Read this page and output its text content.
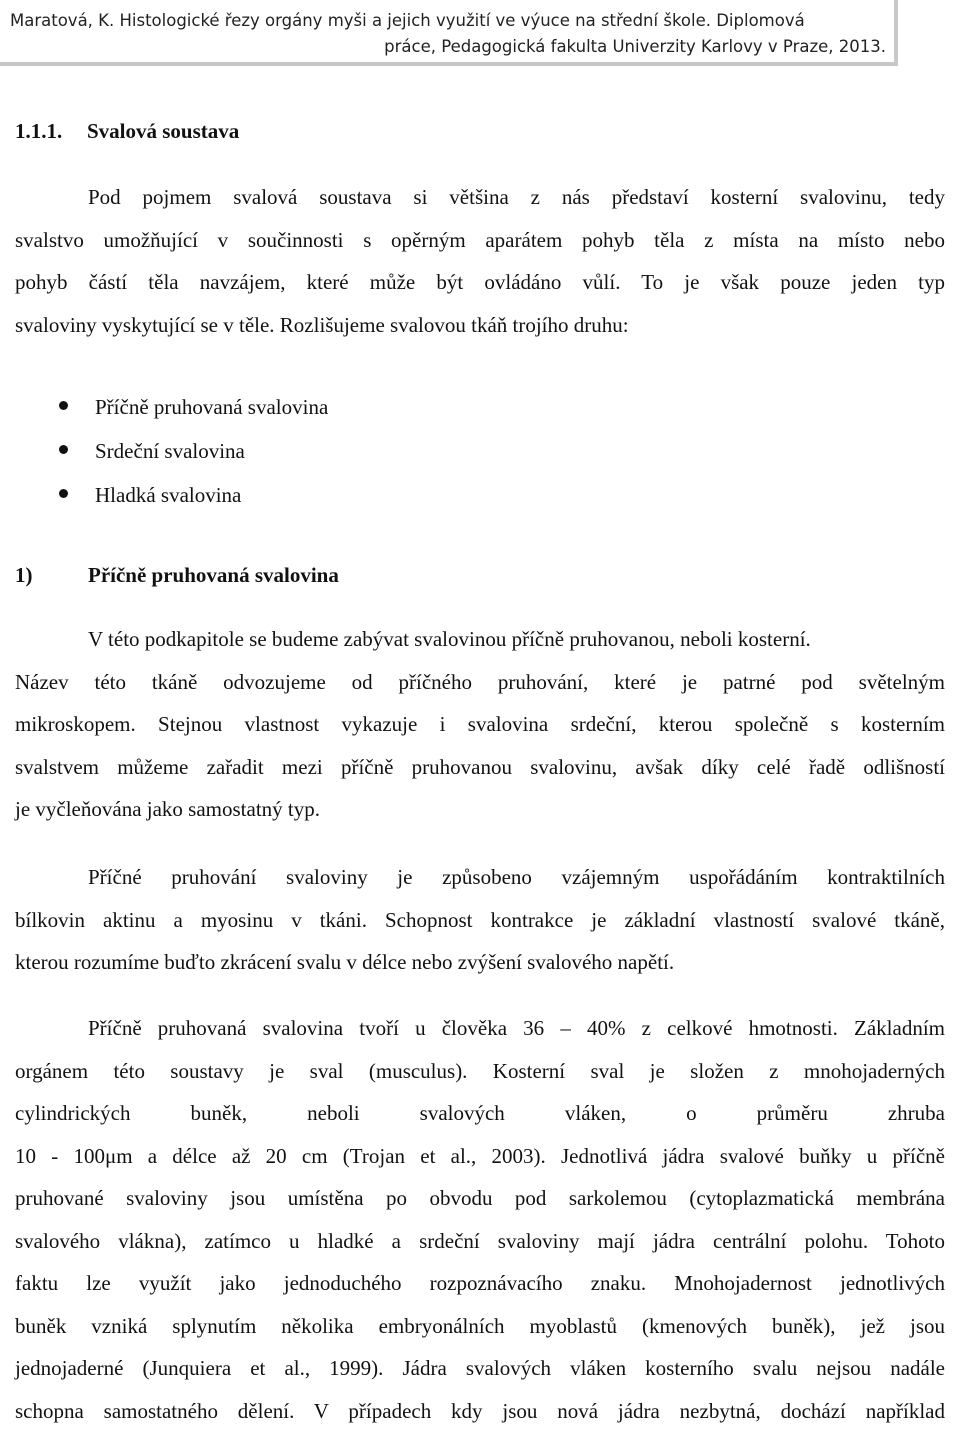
Maratová, K. Histologické řezy orgány myši a jejich využití ve výuce na střední škole. Diplomová
práce, Pedagogická fakulta Univerzity Karlovy v Praze, 2013.
1.1.1. Svalová soustava
Pod pojmem svalová soustava si většina z nás představí kosterní svalovinu, tedy
svalstvo umožňující v součinnosti s opěrným aparátem pohyb těla z místa na místo nebo
pohyb částí těla navzájem, které může být ovládáno vůlí. To je však pouze jeden typ
svaloviny vyskytující se v těle. Rozlišujeme svalovou tkáň trojího druhu:
Příčně pruhovaná svalovina
Srdeční svalovina
Hladká svalovina
1)	Příčně pruhovaná svalovina
V této podkapitole se budeme zabývat svalovinou příčně pruhovanou, neboli kosterní.
Název této tkáně odvozujeme od příčného pruhování, které je patrné pod světelným
mikroskopem. Stejnou vlastnost vykazuje i svalovina srdeční, kterou společně s kosterním
svalstvem můžeme zařadit mezi příčně pruhovanou svalovinu, avšak díky celé řadě odlišností
je vyčleňována jako samostatný typ.
Příčné pruhování svaloviny je způsobeno vzájemným uspořádáním kontraktilních
bílkovin aktinu a myosinu v tkáni. Schopnost kontrakce je základní vlastností svalové tkáně,
kterou rozumíme buďto zkrácení svalu v délce nebo zvýšení svalového napětí.
Příčně pruhovaná svalovina tvoří u člověka 36 – 40% z celkové hmotnosti. Základním
orgánem této soustavy je sval (musculus). Kosterní sval je složen z mnohojaderných
cylindrických buněk, neboli svalových vláken, o průměru zhruba
10 - 100μm a délce až 20 cm (Trojan et al., 2003). Jednotlivá jádra svalové buňky u příčně
pruhované svaloviny jsou umístěna po obvodu pod sarkolemou (cytoplazmatická membrána
svalového vlákna), zatímco u hladké a srdeční svaloviny mají jádra centrální polohu. Tohoto
faktu lze využít jako jednoduchého rozpoznávacího znaku. Mnohojadernost jednotlivých
buněk vzniká splynutím několika embryonálních myoblastů (kmenových buněk), jež jsou
jednojaderné (Junquiera et al., 1999). Jádra svalových vláken kosterního svalu nejsou nadále
schopna samostatného dělení. V případech kdy jsou nová jádra nezbytná, dochází například
